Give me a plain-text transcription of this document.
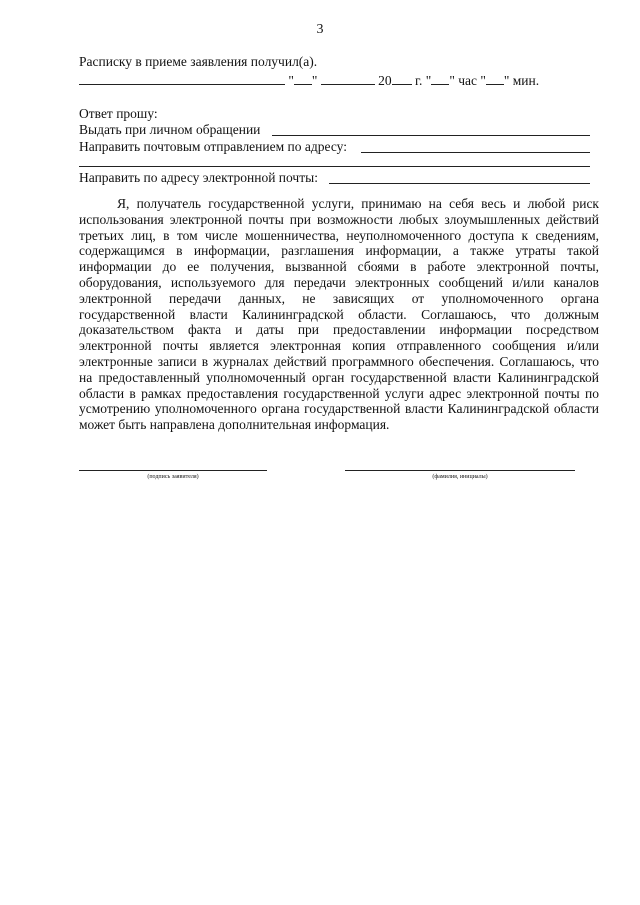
3
Расписку в приеме заявления получил(а).
" "	20 г. " " час " " мин.
Ответ прошу:
Выдать при личном обращении
Направить почтовым отправлением по адресу:
Направить по адресу электронной почты:

Я, получатель государственной услуги, принимаю на себя весь и любой риск использования электронной почты при возможности любых злоумышленных действий третьих лиц, в том числе мошенничества, неуполномоченного доступа к сведениям, содержащимся в информации, разглашения информации, а также утраты такой информации до ее получения, вызванной сбоями в работе электронной почты, оборудования, используемого для передачи электронных сообщений и/или каналов электронной передачи данных, не зависящих от уполномоченного органа государственной власти Калининградской области. Соглашаюсь, что должным доказательством факта и даты при предоставлении информации посредством электронной почты является электронная копия отправленного сообщения и/или электронные записи в журналах действий программного обеспечения. Соглашаюсь, что на предоставленный уполномоченный орган государственной власти Калининградской области в рамках предоставления государственной услуги адрес электронной почты по усмотрению уполномоченного органа государственной власти Калининградской области может быть направлена дополнительная информация.

(подпись заявителя)	(фамилия, инициалы)
